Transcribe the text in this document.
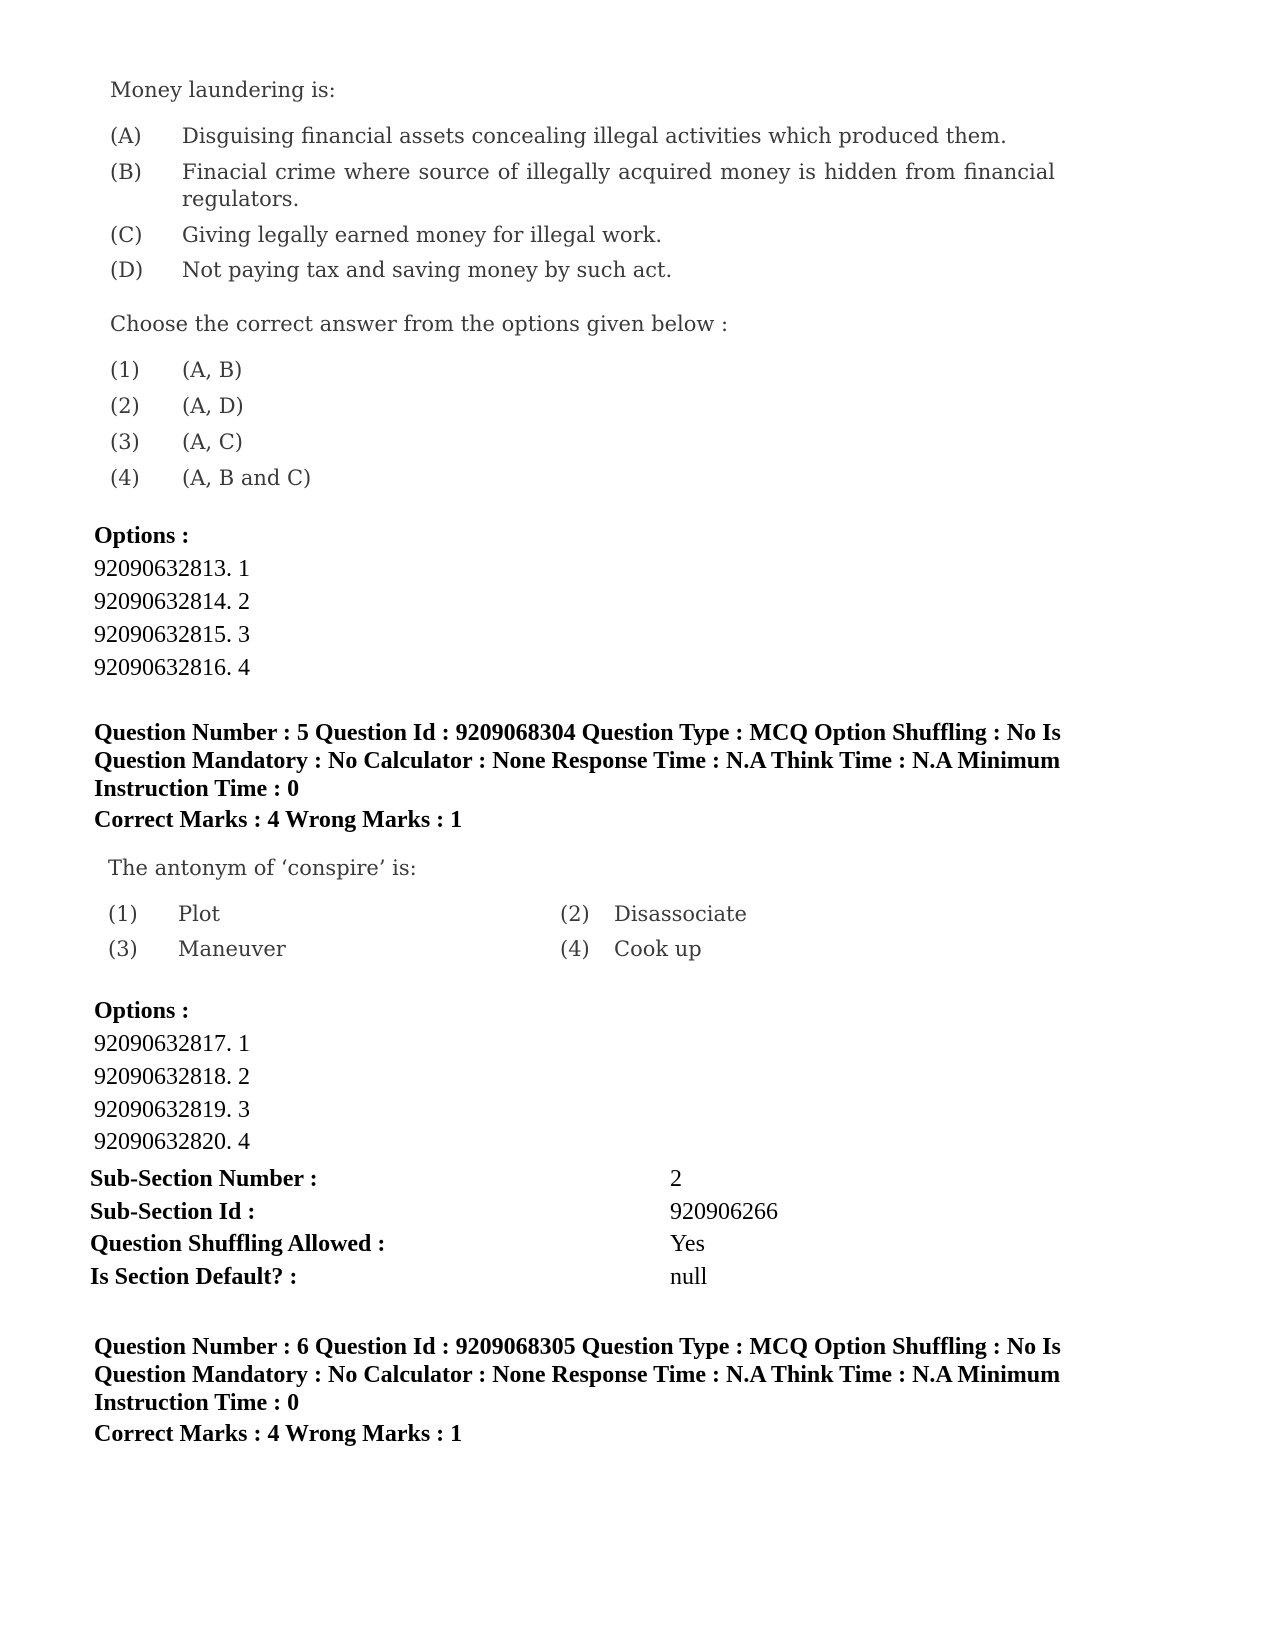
Money laundering is:
(A) Disguising financial assets concealing illegal activities which produced them.
(B) Finacial crime where source of illegally acquired money is hidden from financial
regulators.
(C) Giving legally earned money for illegal work.
(D) Not paying tax and saving money by such act.
Choose the correct answer from the options given below :
(1) (A, B)
(2) (A, D)
(3) (A, C)
(4) (A, B and C)
Options :
92090632813. 1
92090632814. 2
92090632815. 3
92090632816. 4
Question Number : 5 Question Id : 9209068304 Question Type : MCQ Option Shuffling : No Is
Question Mandatory : No Calculator : None Response Time : N.A Think Time : N.A Minimum
Instruction Time : 0
Correct Marks : 4 Wrong Marks : 1
The antonym of ‘conspire’ is:
(1) Plot	(2) Disassociate
(3) Maneuver	(4) Cook up
Options :
92090632817. 1
92090632818. 2
92090632819. 3
92090632820. 4
Sub-Section Number :	2
Sub-Section Id :	920906266
Question Shuffling Allowed :	Yes
Is Section Default? :	null
Question Number : 6 Question Id : 9209068305 Question Type : MCQ Option Shuffling : No Is
Question Mandatory : No Calculator : None Response Time : N.A Think Time : N.A Minimum
Instruction Time : 0
Correct Marks : 4 Wrong Marks : 1
